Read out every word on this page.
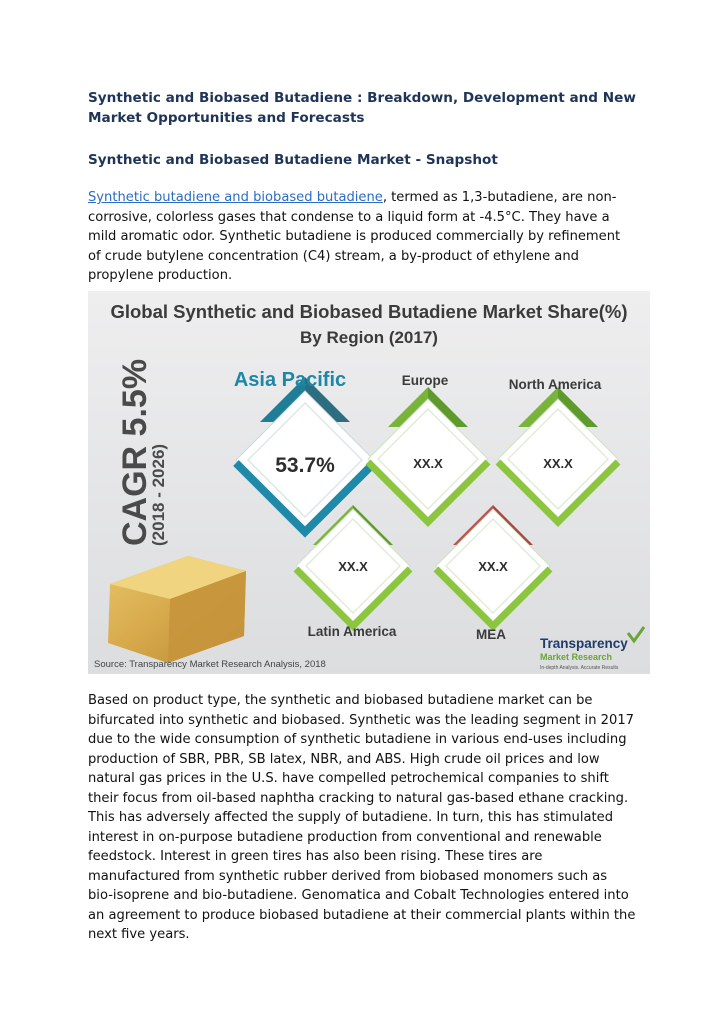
Synthetic and Biobased Butadiene : Breakdown, Development and New Market Opportunities and Forecasts

Synthetic and Biobased Butadiene Market - Snapshot

Synthetic butadiene and biobased butadiene, termed as 1,3-butadiene, are non-corrosive, colorless gases that condense to a liquid form at -4.5°C. They have a mild aromatic odor. Synthetic butadiene is produced commercially by refinement of crude butylene concentration (C4) stream, a by-product of ethylene and propylene production.

Global Synthetic and Biobased Butadiene Market Share(%)
By Region (2017)
CAGR 5.5%
(2018 - 2026)	53.7%
Asia Pacific
XX.X
Europe
XX.X
North America
XX.X
Latin America
XX.X
MEA
Source: Transparency Market Research Analysis, 2018
Transparency
Market Research
In-depth Analysis. Accurate Results

Based on product type, the synthetic and biobased butadiene market can be bifurcated into synthetic and biobased. Synthetic was the leading segment in 2017 due to the wide consumption of synthetic butadiene in various end-uses including production of SBR, PBR, SB latex, NBR, and ABS. High crude oil prices and low natural gas prices in the U.S. have compelled petrochemical companies to shift their focus from oil-based naphtha cracking to natural gas-based ethane cracking. This has adversely affected the supply of butadiene. In turn, this has stimulated interest in on-purpose butadiene production from conventional and renewable feedstock. Interest in green tires has also been rising. These tires are manufactured from synthetic rubber derived from biobased monomers such as bio-isoprene and bio-butadiene. Genomatica and Cobalt Technologies entered into an agreement to produce biobased butadiene at their commercial plants within the next five years.
